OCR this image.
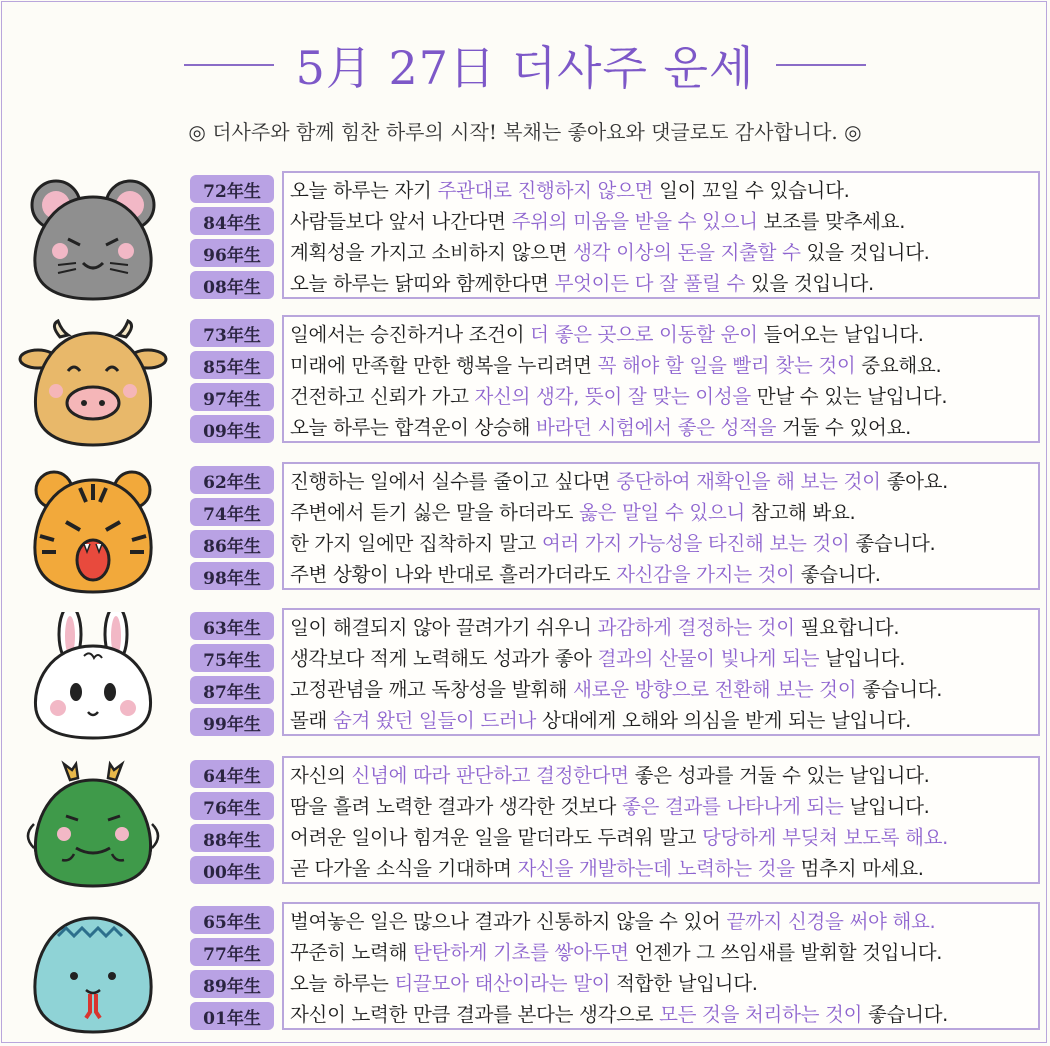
5月 27日 더사주 운세
◎ 더사주와 함께 힘찬 하루의 시작! 복채는 좋아요와 댓글로도 감사합니다. ◎
72年生
84年生
96年生
08年生
오늘 하루는 자기 주관대로 진행하지 않으면 일이 꼬일 수 있습니다.
사람들보다 앞서 나간다면 주위의 미움을 받을 수 있으니 보조를 맞추세요.
계획성을 가지고 소비하지 않으면 생각 이상의 돈을 지출할 수 있을 것입니다.
오늘 하루는 닭띠와 함께한다면 무엇이든 다 잘 풀릴 수 있을 것입니다.
73年生
85年生
97年生
09年生
일에서는 승진하거나 조건이 더 좋은 곳으로 이동할 운이 들어오는 날입니다.
미래에 만족할 만한 행복을 누리려면 꼭 해야 할 일을 빨리 찾는 것이 중요해요.
건전하고 신뢰가 가고 자신의 생각, 뜻이 잘 맞는 이성을 만날 수 있는 날입니다.
오늘 하루는 합격운이 상승해 바라던 시험에서 좋은 성적을 거둘 수 있어요.
62年生
74年生
86年生
98年生
진행하는 일에서 실수를 줄이고 싶다면 중단하여 재확인을 해 보는 것이 좋아요.
주변에서 듣기 싫은 말을 하더라도 옳은 말일 수 있으니 참고해 봐요.
한 가지 일에만 집착하지 말고 여러 가지 가능성을 타진해 보는 것이 좋습니다.
주변 상황이 나와 반대로 흘러가더라도 자신감을 가지는 것이 좋습니다.
63年生
75年生
87年生
99年生
일이 해결되지 않아 끌려가기 쉬우니 과감하게 결정하는 것이 필요합니다.
생각보다 적게 노력해도 성과가 좋아 결과의 산물이 빛나게 되는 날입니다.
고정관념을 깨고 독창성을 발휘해 새로운 방향으로 전환해 보는 것이 좋습니다.
몰래 숨겨 왔던 일들이 드러나 상대에게 오해와 의심을 받게 되는 날입니다.
64年生
76年生
88年生
00年生
자신의 신념에 따라 판단하고 결정한다면 좋은 성과를 거둘 수 있는 날입니다.
땀을 흘려 노력한 결과가 생각한 것보다 좋은 결과를 나타나게 되는 날입니다.
어려운 일이나 힘겨운 일을 맡더라도 두려워 말고 당당하게 부딪쳐 보도록 해요.
곧 다가올 소식을 기대하며 자신을 개발하는데 노력하는 것을 멈추지 마세요.
65年生
77年生
89年生
01年生
벌여놓은 일은 많으나 결과가 신통하지 않을 수 있어 끝까지 신경을 써야 해요.
꾸준히 노력해 탄탄하게 기초를 쌓아두면 언젠가 그 쓰임새를 발휘할 것입니다.
오늘 하루는 티끌모아 태산이라는 말이 적합한 날입니다.
자신이 노력한 만큼 결과를 본다는 생각으로 모든 것을 처리하는 것이 좋습니다.
